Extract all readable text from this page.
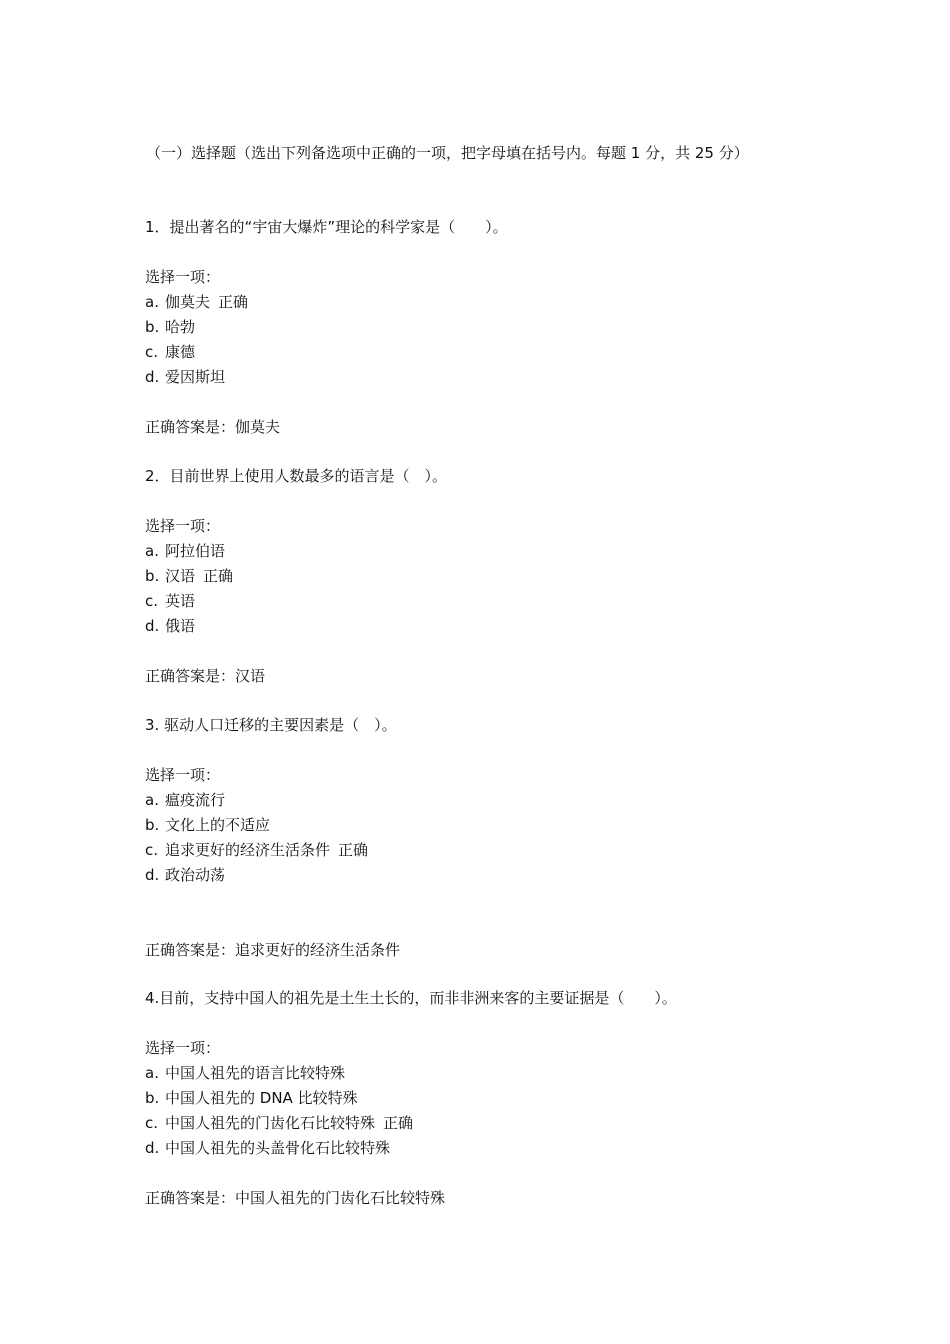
（一）选择题（选出下列备选项中正确的一项，把字母填在括号内。每题 1 分，共 25 分）
1．提出著名的“宇宙大爆炸”理论的科学家是（　　）。
选择一项：
a. 伽莫夫 正确
b. 哈勃
c. 康德
d. 爱因斯坦
正确答案是：伽莫夫
2．目前世界上使用人数最多的语言是（　）。
选择一项：
a. 阿拉伯语
b. 汉语 正确
c. 英语
d. 俄语
正确答案是：汉语
3. 驱动人口迁移的主要因素是（　）。
选择一项：
a. 瘟疫流行
b. 文化上的不适应
c. 追求更好的经济生活条件 正确
d. 政治动荡
正确答案是：追求更好的经济生活条件
4.目前，支持中国人的祖先是土生土长的，而非非洲来客的主要证据是（　　）。
选择一项：
a. 中国人祖先的语言比较特殊
b. 中国人祖先的 DNA 比较特殊
c. 中国人祖先的门齿化石比较特殊 正确
d. 中国人祖先的头盖骨化石比较特殊
正确答案是：中国人祖先的门齿化石比较特殊
